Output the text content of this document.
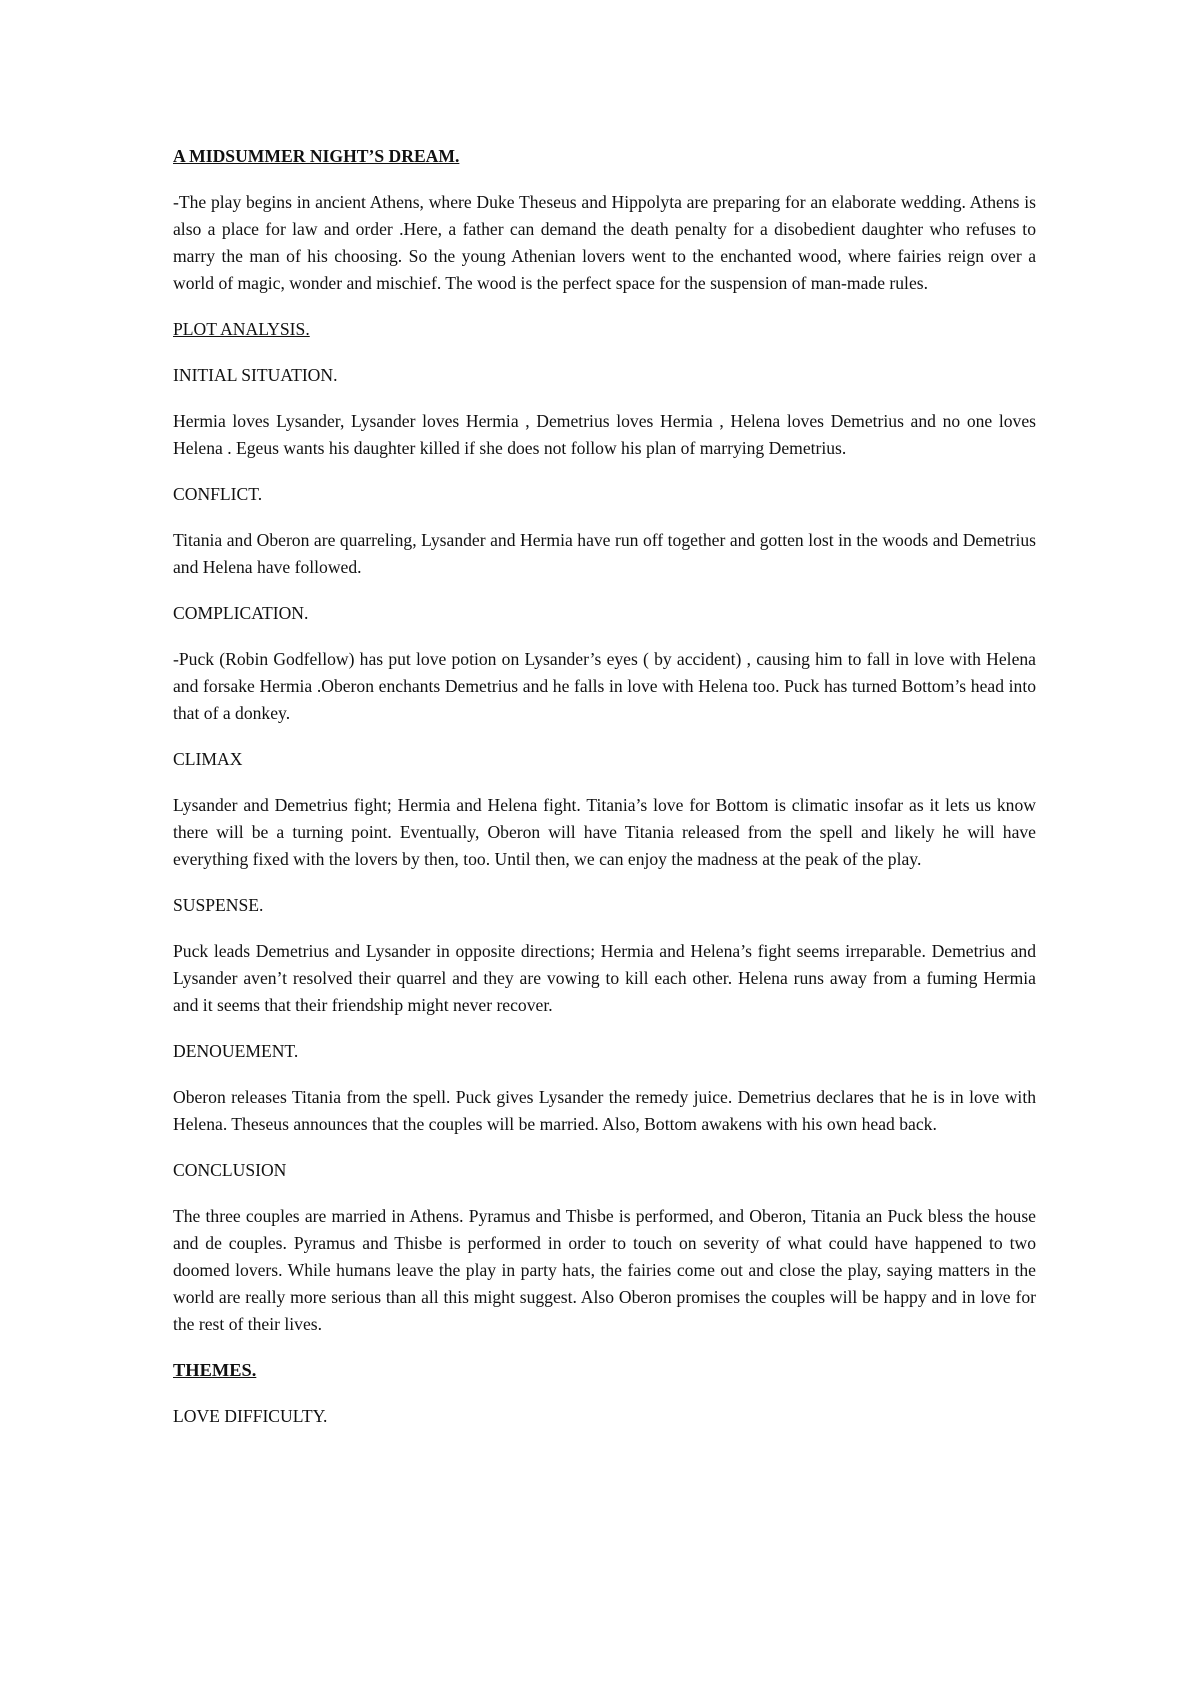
A MIDSUMMER NIGHT’S DREAM.

-The play begins in ancient Athens, where Duke Theseus and Hippolyta are preparing for an elaborate wedding. Athens is also a place for law and order .Here, a father can demand the death penalty for a disobedient daughter who refuses to marry the man of his choosing. So the young Athenian lovers went to the enchanted wood, where fairies reign over a world of magic, wonder and mischief. The wood is the perfect space for the suspension of man-made rules.

PLOT ANALYSIS.

INITIAL SITUATION.

Hermia loves Lysander, Lysander loves Hermia , Demetrius loves Hermia , Helena loves Demetrius and no one loves Helena . Egeus wants his daughter killed if she does not follow his plan of marrying Demetrius.

CONFLICT.

Titania and Oberon are quarreling, Lysander and Hermia have run off together and gotten lost in the woods and Demetrius and Helena have followed.

COMPLICATION.

-Puck (Robin Godfellow) has put love potion on Lysander’s eyes ( by accident) , causing him to fall in love with Helena and forsake Hermia .Oberon enchants Demetrius and he falls in love with Helena too. Puck has turned Bottom’s head into that of a donkey.

CLIMAX

Lysander and Demetrius fight; Hermia and Helena fight. Titania’s love for Bottom is climatic insofar as it lets us know there will be a turning point. Eventually, Oberon will have Titania released from the spell and likely he will have everything fixed with the lovers by then, too. Until then, we can enjoy the madness at the peak of the play.

SUSPENSE.

Puck leads Demetrius and Lysander in opposite directions; Hermia and Helena’s fight seems irreparable. Demetrius and Lysander aven’t resolved their quarrel and they are vowing to kill each other. Helena runs away from a fuming Hermia and it seems that their friendship might never recover.

DENOUEMENT.

Oberon releases Titania from the spell. Puck gives Lysander the remedy juice. Demetrius declares that he is in love with Helena. Theseus announces that the couples will be married. Also, Bottom awakens with his own head back.

CONCLUSION

The three couples are married in Athens. Pyramus and Thisbe is performed, and Oberon, Titania an Puck bless the house and de couples. Pyramus and Thisbe is performed in order to touch on severity of what could have happened to two doomed lovers. While humans leave the play in party hats, the fairies come out and close the play, saying matters in the world are really more serious than all this might suggest. Also Oberon promises the couples will be happy and in love for the rest of their lives.

THEMES.

LOVE DIFFICULTY.
